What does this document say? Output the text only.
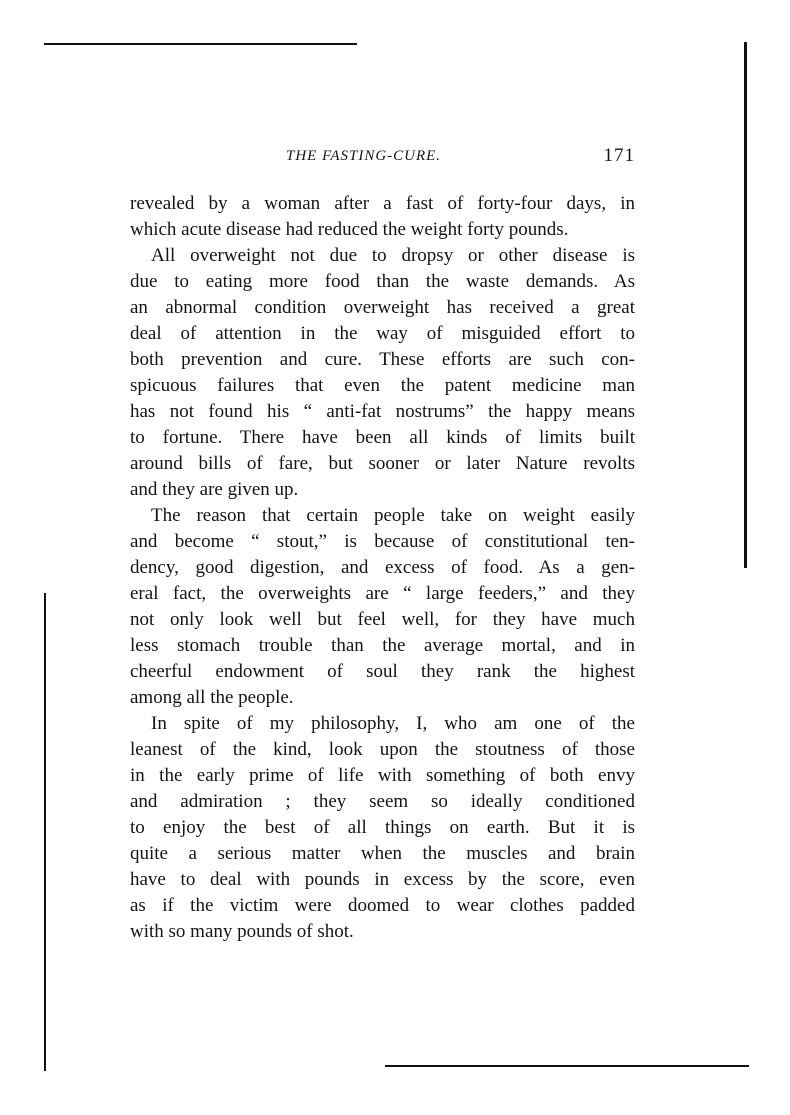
THE FASTING-CURE.	171
revealed by a woman after a fast of forty-four days, in
which acute disease had reduced the weight forty pounds.
All overweight not due to dropsy or other disease is
due to eating more food than the waste demands. As
an abnormal condition overweight has received a great
deal of attention in the way of misguided effort to
both prevention and cure. These efforts are such con-
spicuous failures that even the patent medicine man
has not found his “ anti-fat nostrums” the happy means
to fortune. There have been all kinds of limits built
around bills of fare, but sooner or later Nature revolts
and they are given up.
The reason that certain people take on weight easily
and become “ stout,” is because of constitutional ten-
dency, good digestion, and excess of food. As a gen-
eral fact, the overweights are “ large feeders,” and they
not only look well but feel well, for they have much
less stomach trouble than the average mortal, and in
cheerful endowment of soul they rank the highest
among all the people.
In spite of my philosophy, I, who am one of the
leanest of the kind, look upon the stoutness of those
in the early prime of life with something of both envy
and admiration ; they seem so ideally conditioned
to enjoy the best of all things on earth. But it is
quite a serious matter when the muscles and brain
have to deal with pounds in excess by the score, even
as if the victim were doomed to wear clothes padded
with so many pounds of shot.
